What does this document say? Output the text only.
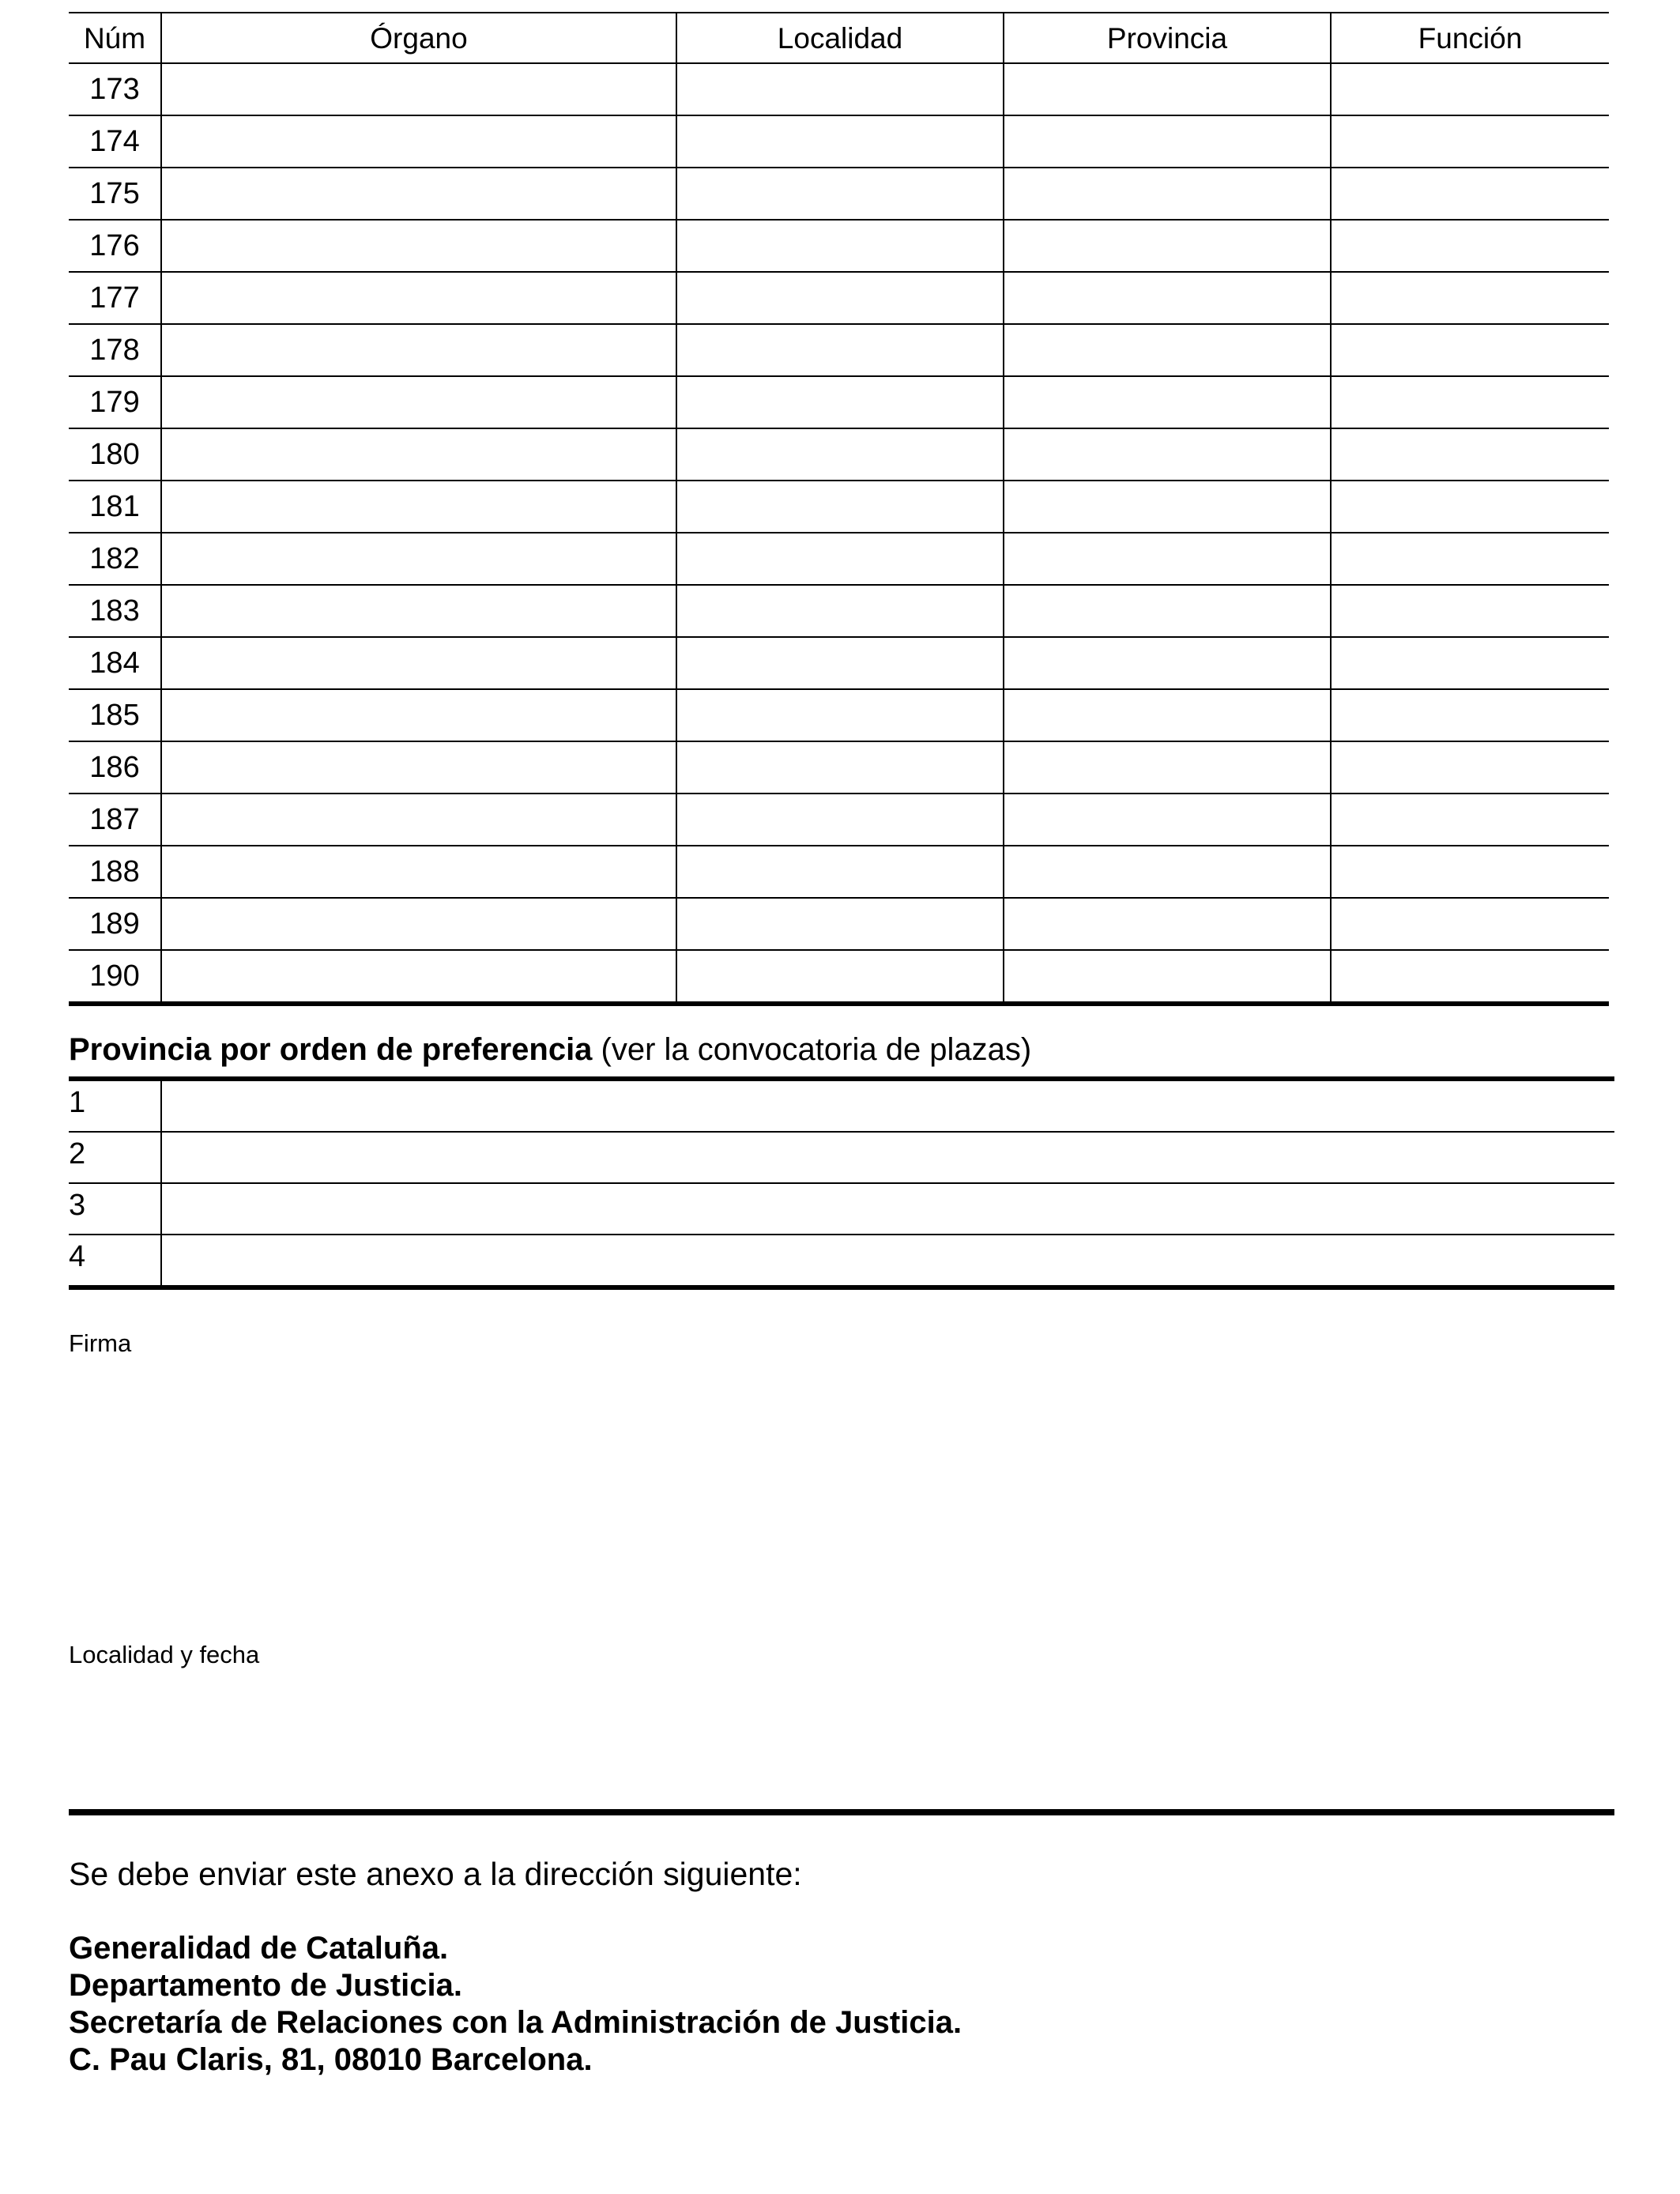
Núm	Órgano	Localidad	Provincia	Función
173
174
175
176
177
178
179
180
181
182
183
184
185
186
187
188
189
190
Provincia por orden de preferencia (ver la convocatoria de plazas)
1
2
3
4
Firma
Localidad y fecha
Se debe enviar este anexo a la dirección siguiente:
Generalidad de Cataluña.
Departamento de Justicia.
Secretaría de Relaciones con la Administración de Justicia.
C. Pau Claris, 81, 08010 Barcelona.
